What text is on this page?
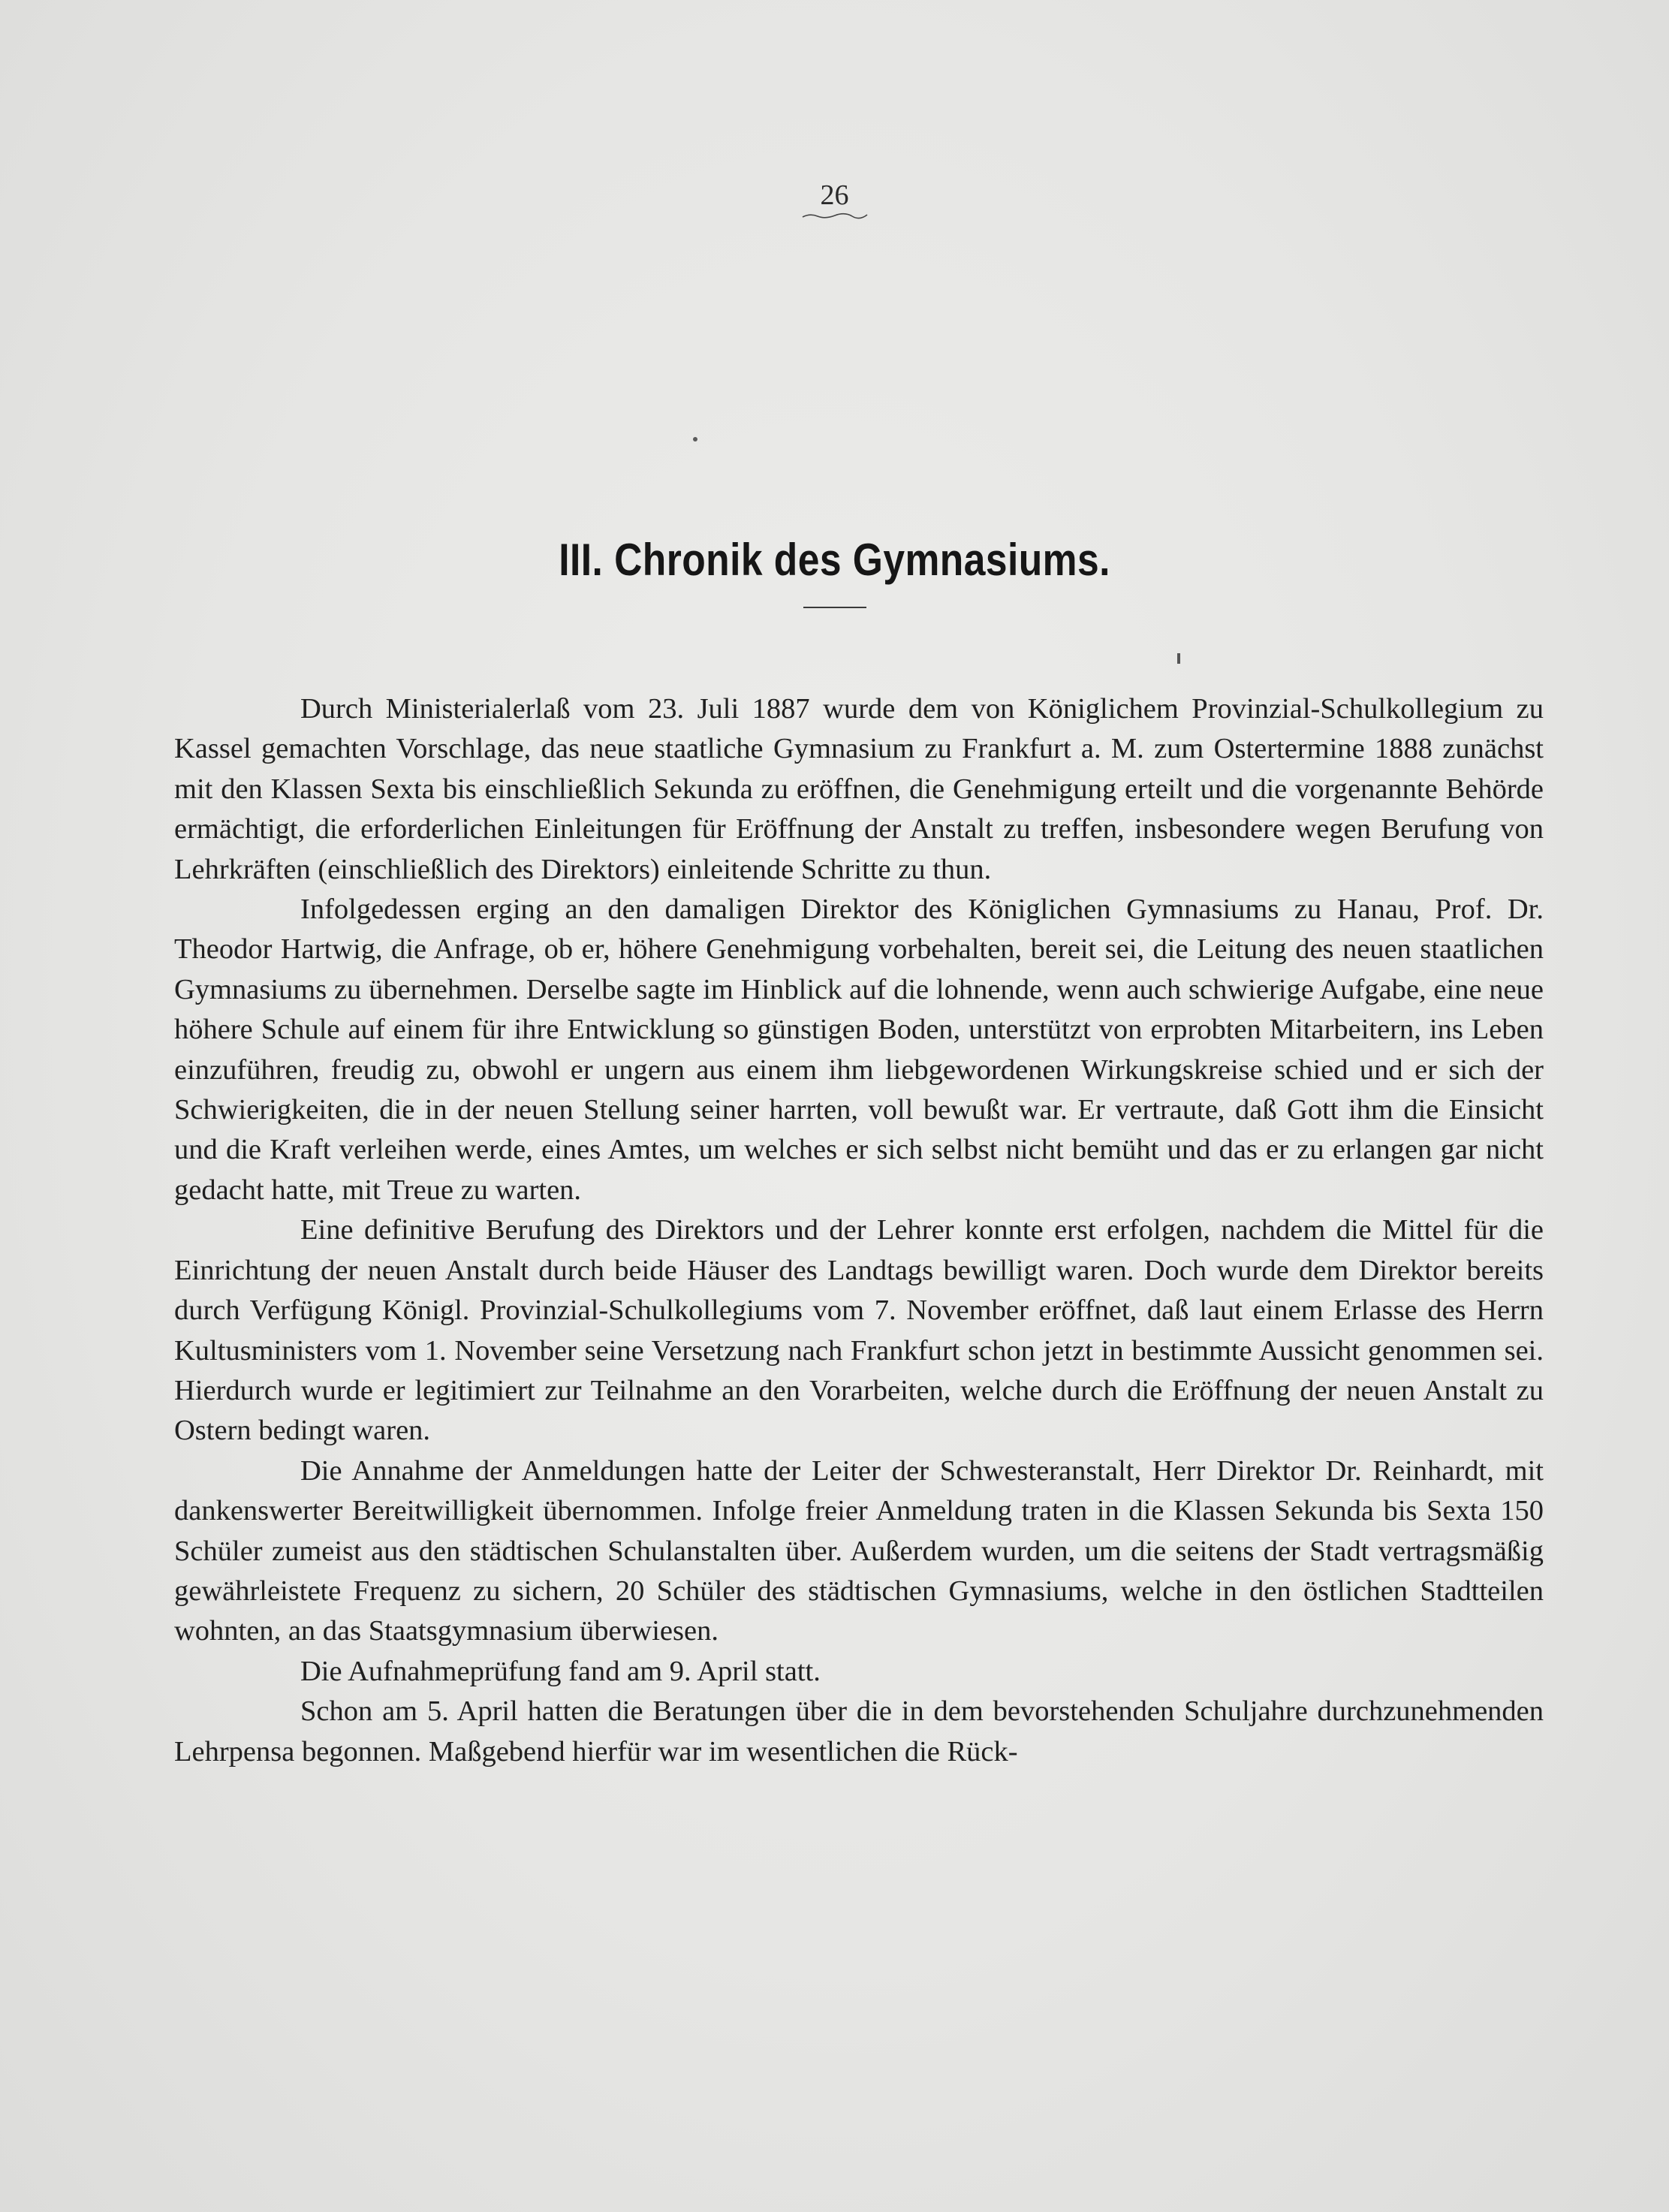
26
III. Chronik des Gymnasiums.

Durch Ministerialerlaß vom 23. Juli 1887 wurde dem von Königlichem Provinzial-Schulkollegium zu Kassel gemachten Vorschlage, das neue staatliche Gymnasium zu Frankfurt a. M. zum Ostertermine 1888 zunächst mit den Klassen Sexta bis einschließlich Sekunda zu eröffnen, die Genehmigung erteilt und die vorgenannte Behörde ermächtigt, die erforderlichen Einleitungen für Eröffnung der Anstalt zu treffen, insbesondere wegen Berufung von Lehrkräften (einschließlich des Direktors) einleitende Schritte zu thun.

Infolgedessen erging an den damaligen Direktor des Königlichen Gymnasiums zu Hanau, Prof. Dr. Theodor Hartwig, die Anfrage, ob er, höhere Genehmigung vorbehalten, bereit sei, die Leitung des neuen staatlichen Gymnasiums zu übernehmen. Derselbe sagte im Hinblick auf die lohnende, wenn auch schwierige Aufgabe, eine neue höhere Schule auf einem für ihre Entwicklung so günstigen Boden, unterstützt von erprobten Mitarbeitern, ins Leben einzuführen, freudig zu, obwohl er ungern aus einem ihm liebgewordenen Wirkungskreise schied und er sich der Schwierigkeiten, die in der neuen Stellung seiner harrten, voll bewußt war. Er vertraute, daß Gott ihm die Einsicht und die Kraft verleihen werde, eines Amtes, um welches er sich selbst nicht bemüht und das er zu erlangen gar nicht gedacht hatte, mit Treue zu warten.

Eine definitive Berufung des Direktors und der Lehrer konnte erst erfolgen, nachdem die Mittel für die Einrichtung der neuen Anstalt durch beide Häuser des Landtags bewilligt waren. Doch wurde dem Direktor bereits durch Verfügung Königl. Provinzial-Schulkollegiums vom 7. November eröffnet, daß laut einem Erlasse des Herrn Kultusministers vom 1. November seine Versetzung nach Frankfurt schon jetzt in bestimmte Aussicht genommen sei. Hierdurch wurde er legitimiert zur Teilnahme an den Vorarbeiten, welche durch die Eröffnung der neuen Anstalt zu Ostern bedingt waren.

Die Annahme der Anmeldungen hatte der Leiter der Schwesteranstalt, Herr Direktor Dr. Reinhardt, mit dankenswerter Bereitwilligkeit übernommen. Infolge freier Anmeldung traten in die Klassen Sekunda bis Sexta 150 Schüler zumeist aus den städtischen Schulanstalten über. Außerdem wurden, um die seitens der Stadt vertragsmäßig gewährleistete Frequenz zu sichern, 20 Schüler des städtischen Gymnasiums, welche in den östlichen Stadtteilen wohnten, an das Staatsgymnasium überwiesen.

Die Aufnahmeprüfung fand am 9. April statt.

Schon am 5. April hatten die Beratungen über die in dem bevorstehenden Schuljahre durchzunehmenden Lehrpensa begonnen. Maßgebend hierfür war im wesentlichen die Rück-
